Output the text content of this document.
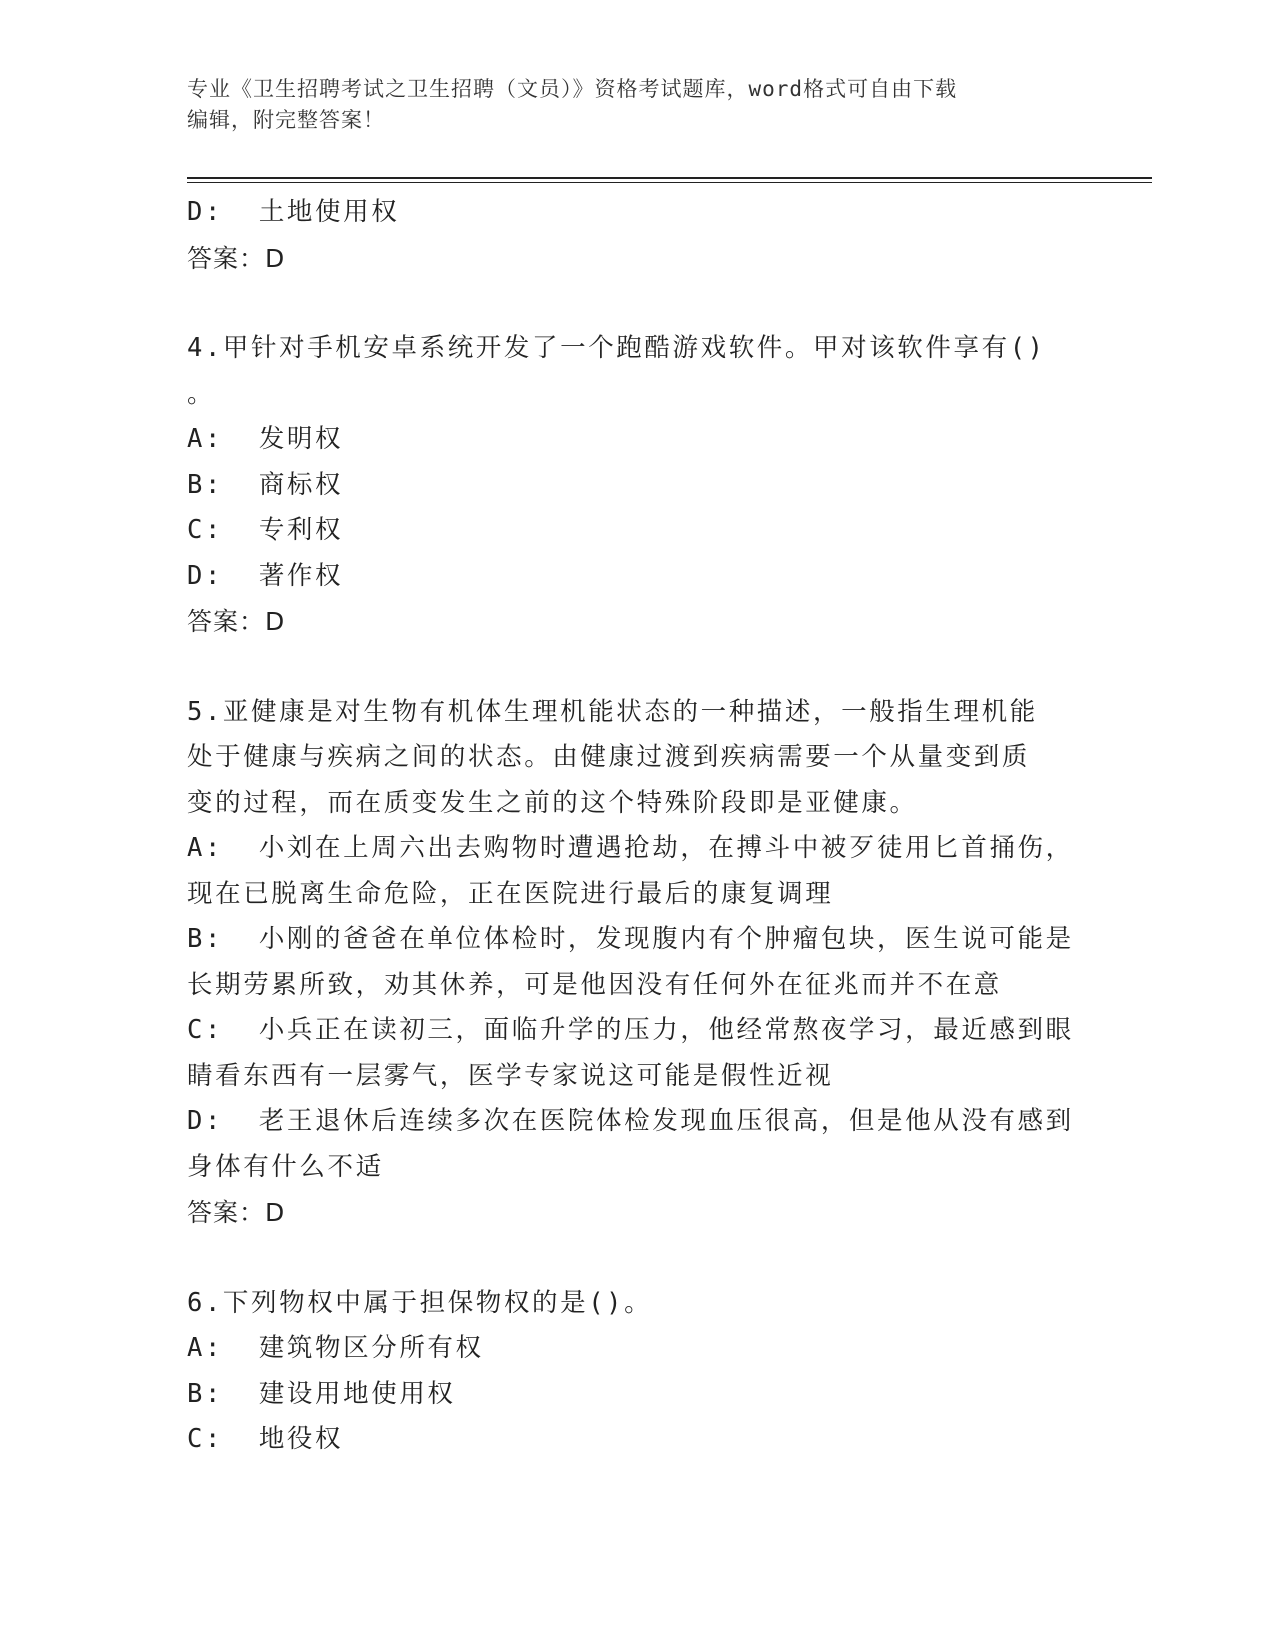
专业《卫生招聘考试之卫生招聘（文员）》资格考试题库，word格式可自由下载
编辑，附完整答案！
D: 土地使用权
答案：D
4.甲针对手机安卓系统开发了一个跑酷游戏软件。甲对该软件享有()
。
A: 发明权
B: 商标权
C: 专利权
D: 著作权
答案：D
5.亚健康是对生物有机体生理机能状态的一种描述，一般指生理机能
处于健康与疾病之间的状态。由健康过渡到疾病需要一个从量变到质
变的过程，而在质变发生之前的这个特殊阶段即是亚健康。
A: 小刘在上周六出去购物时遭遇抢劫，在搏斗中被歹徒用匕首捅伤，
现在已脱离生命危险，正在医院进行最后的康复调理
B: 小刚的爸爸在单位体检时，发现腹内有个肿瘤包块，医生说可能是
长期劳累所致，劝其休养，可是他因没有任何外在征兆而并不在意
C: 小兵正在读初三，面临升学的压力，他经常熬夜学习，最近感到眼
睛看东西有一层雾气，医学专家说这可能是假性近视
D: 老王退休后连续多次在医院体检发现血压很高，但是他从没有感到
身体有什么不适
答案：D
6.下列物权中属于担保物权的是()。
A: 建筑物区分所有权
B: 建设用地使用权
C: 地役权
